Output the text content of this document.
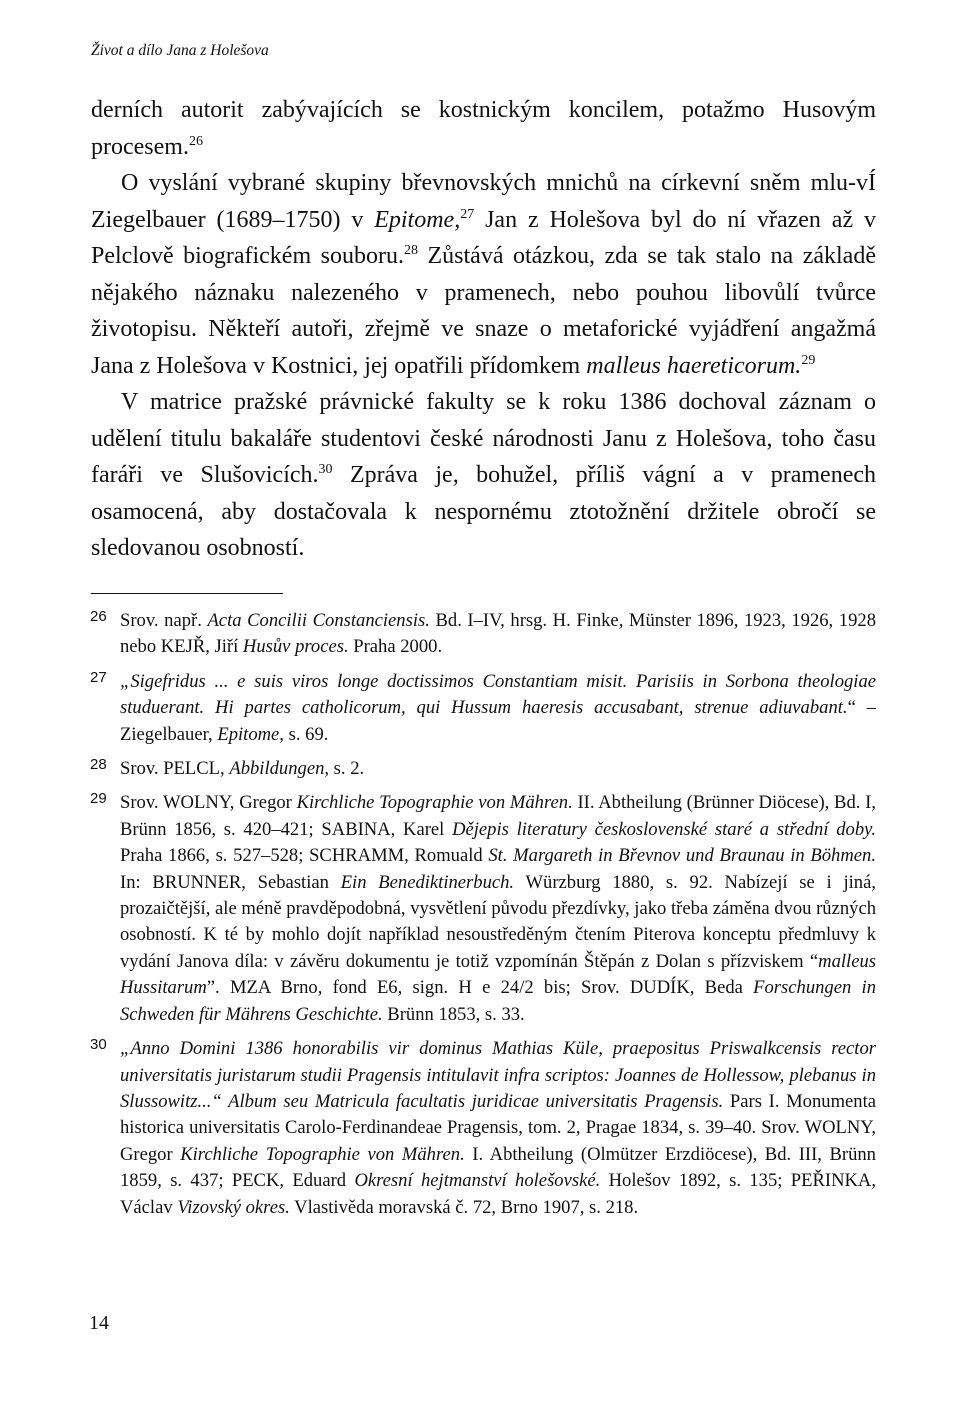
Život a dílo Jana z Holešova

derních autorit zabývajících se kostnickým koncilem, potažmo Husovým procesem.$^{26}$

O vyslání vybrané skupiny břevnovských mnichů na církevní sněm mlu-vÍ Ziegelbauer (1689–1750) v Epitome,$^{27}$ Jan z Holešova byl do ní vřazen až v Pelclově biografickém souboru.$^{28}$ Zůstává otázkou, zda se tak stalo na základě nějakého náznaku nalezeného v pramenech, nebo pouhou libovůlí tvůrce životopisu. Někteří autoři, zřejmě ve snaze o metaforické vyjádření angažmá Jana z Holešova v Kostnici, jej opatřili přídomkem malleus haereticorum.$^{29}$

V matrice pražské právnické fakulty se k roku 1386 dochoval záznam o udělení titulu bakaláře studentovi české národnosti Janu z Holešova, toho času faráři ve Slušovicích.$^{30}$ Zpráva je, bohužel, příliš vágní a v pramenech osamocená, aby dostačovala k nespornému ztotožnění držitele obročí se sledovanou osobností.

26 Srov. např. Acta Concilii Constanciensis. Bd. I–IV, hrsg. H. Finke, Münster 1896, 1923, 1926, 1928 nebo KEJŘ, Jiří Husův proces. Praha 2000.
27 „Sigefridus ... e suis viros longe doctissimos Constantiam misit. Parisiis in Sorbona theologiae studuerant. Hi partes catholicorum, qui Hussum haeresis accusabant, strenue adiuvabant.“ – Ziegelbauer, Epitome, s. 69.
28 Srov. PELCL, Abbildungen, s. 2.
29 Srov. WOLNY, Gregor Kirchliche Topographie von Mähren. II. Abtheilung (Brünner Diöcese), Bd. I, Brünn 1856, s. 420–421; SABINA, Karel Dějepis literatury československé staré a střední doby. Praha 1866, s. 527–528; SCHRAMM, Romuald St. Margareth in Břevnov und Braunau in Böhmen. In: BRUNNER, Sebastian Ein Benediktinerbuch. Würzburg 1880, s. 92. Nabízejí se i jiná, prozaičtější, ale méně pravděpodobná, vysvětlení původu přezdívky, jako třeba záměna dvou různých osobností. K té by mohlo dojít například nesoustředěným čtením Piterova konceptu předmluvy k vydání Janova díla: v závěru dokumentu je totiž vzpomínán Štěpán z Dolan s přízviskem “malleus Hussitarum”. MZA Brno, fond E6, sign. H e 24/2 bis; Srov. DUDÍK, Beda Forschungen in Schweden für Mährens Geschichte. Brünn 1853, s. 33.
30 „Anno Domini 1386 honorabilis vir dominus Mathias Küle, praepositus Priswalkcensis rector universitatis juristarum studii Pragensis intitulavit infra scriptos: Joannes de Hollessow, plebanus in Slussowitz...“ Album seu Matricula facultatis juridicae universitatis Pragensis. Pars I. Monumenta historica universitatis Carolo-Ferdinandeae Pragensis, tom. 2, Pragae 1834, s. 39–40. Srov. WOLNY, Gregor Kirchliche Topographie von Mähren. I. Abtheilung (Olmützer Erzdiöcese), Bd. III, Brünn 1859, s. 437; PECK, Eduard Okresní hejtmanství holešovské. Holešov 1892, s. 135; PEŘINKA, Václav Vizovský okres. Vlastivěda moravská č. 72, Brno 1907, s. 218.
14
